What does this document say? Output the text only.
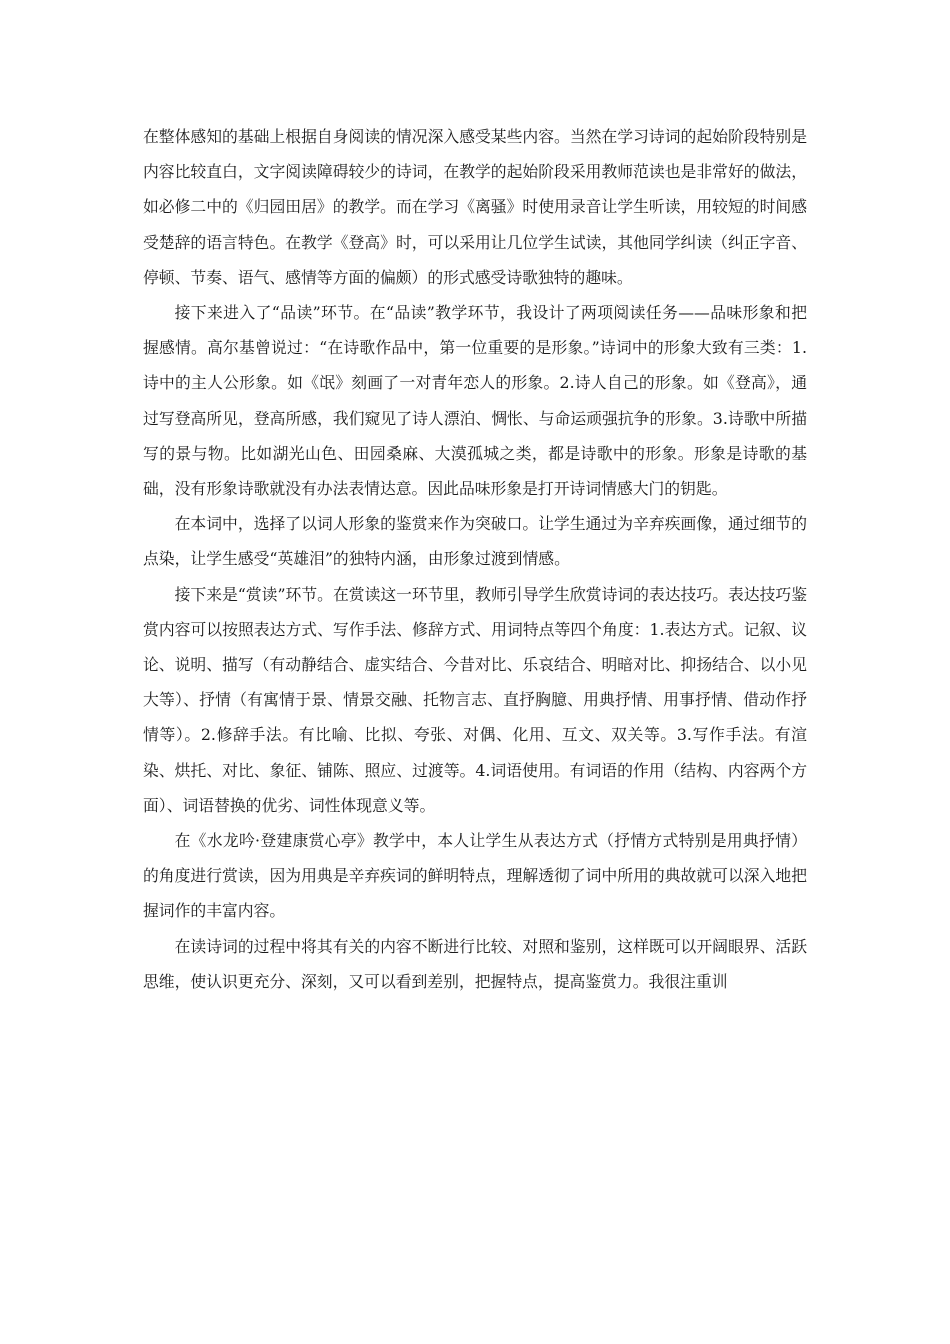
在整体感知的基础上根据自身阅读的情况深入感受某些内容。当然在学习诗词的起始阶段特别是内容比较直白，文字阅读障碍较少的诗词，在教学的起始阶段采用教师范读也是非常好的做法，如必修二中的《归园田居》的教学。而在学习《离骚》时使用录音让学生听读，用较短的时间感受楚辞的语言特色。在教学《登高》时，可以采用让几位学生试读，其他同学纠读（纠正字音、停顿、节奏、语气、感情等方面的偏颇）的形式感受诗歌独特的趣味。

接下来进入了“品读”环节。在“品读”教学环节，我设计了两项阅读任务——品味形象和把握感情。高尔基曾说过：“在诗歌作品中，第一位重要的是形象。”诗词中的形象大致有三类：1.诗中的主人公形象。如《氓》刻画了一对青年恋人的形象。2.诗人自己的形象。如《登高》，通过写登高所见，登高所感，我们窥见了诗人漂泊、惆怅、与命运顽强抗争的形象。3.诗歌中所描写的景与物。比如湖光山色、田园桑麻、大漠孤城之类，都是诗歌中的形象。形象是诗歌的基础，没有形象诗歌就没有办法表情达意。因此品味形象是打开诗词情感大门的钥匙。

在本词中，选择了以词人形象的鉴赏来作为突破口。让学生通过为辛弃疾画像，通过细节的点染，让学生感受“英雄泪”的独特内涵，由形象过渡到情感。

接下来是“赏读”环节。在赏读这一环节里，教师引导学生欣赏诗词的表达技巧。表达技巧鉴赏内容可以按照表达方式、写作手法、修辞方式、用词特点等四个角度：1.表达方式。记叙、议论、说明、描写（有动静结合、虚实结合、今昔对比、乐哀结合、明暗对比、抑扬结合、以小见大等）、抒情（有寓情于景、情景交融、托物言志、直抒胸臆、用典抒情、用事抒情、借动作抒情等）。2.修辞手法。有比喻、比拟、夸张、对偶、化用、互文、双关等。3.写作手法。有渲染、烘托、对比、象征、铺陈、照应、过渡等。4.词语使用。有词语的作用（结构、内容两个方面）、词语替换的优劣、词性体现意义等。

在《水龙吟·登建康赏心亭》教学中，本人让学生从表达方式（抒情方式特别是用典抒情）的角度进行赏读，因为用典是辛弃疾词的鲜明特点，理解透彻了词中所用的典故就可以深入地把握词作的丰富内容。

在读诗词的过程中将其有关的内容不断进行比较、对照和鉴别，这样既可以开阔眼界、活跃思维，使认识更充分、深刻，又可以看到差别，把握特点，提高鉴赏力。我很注重训
